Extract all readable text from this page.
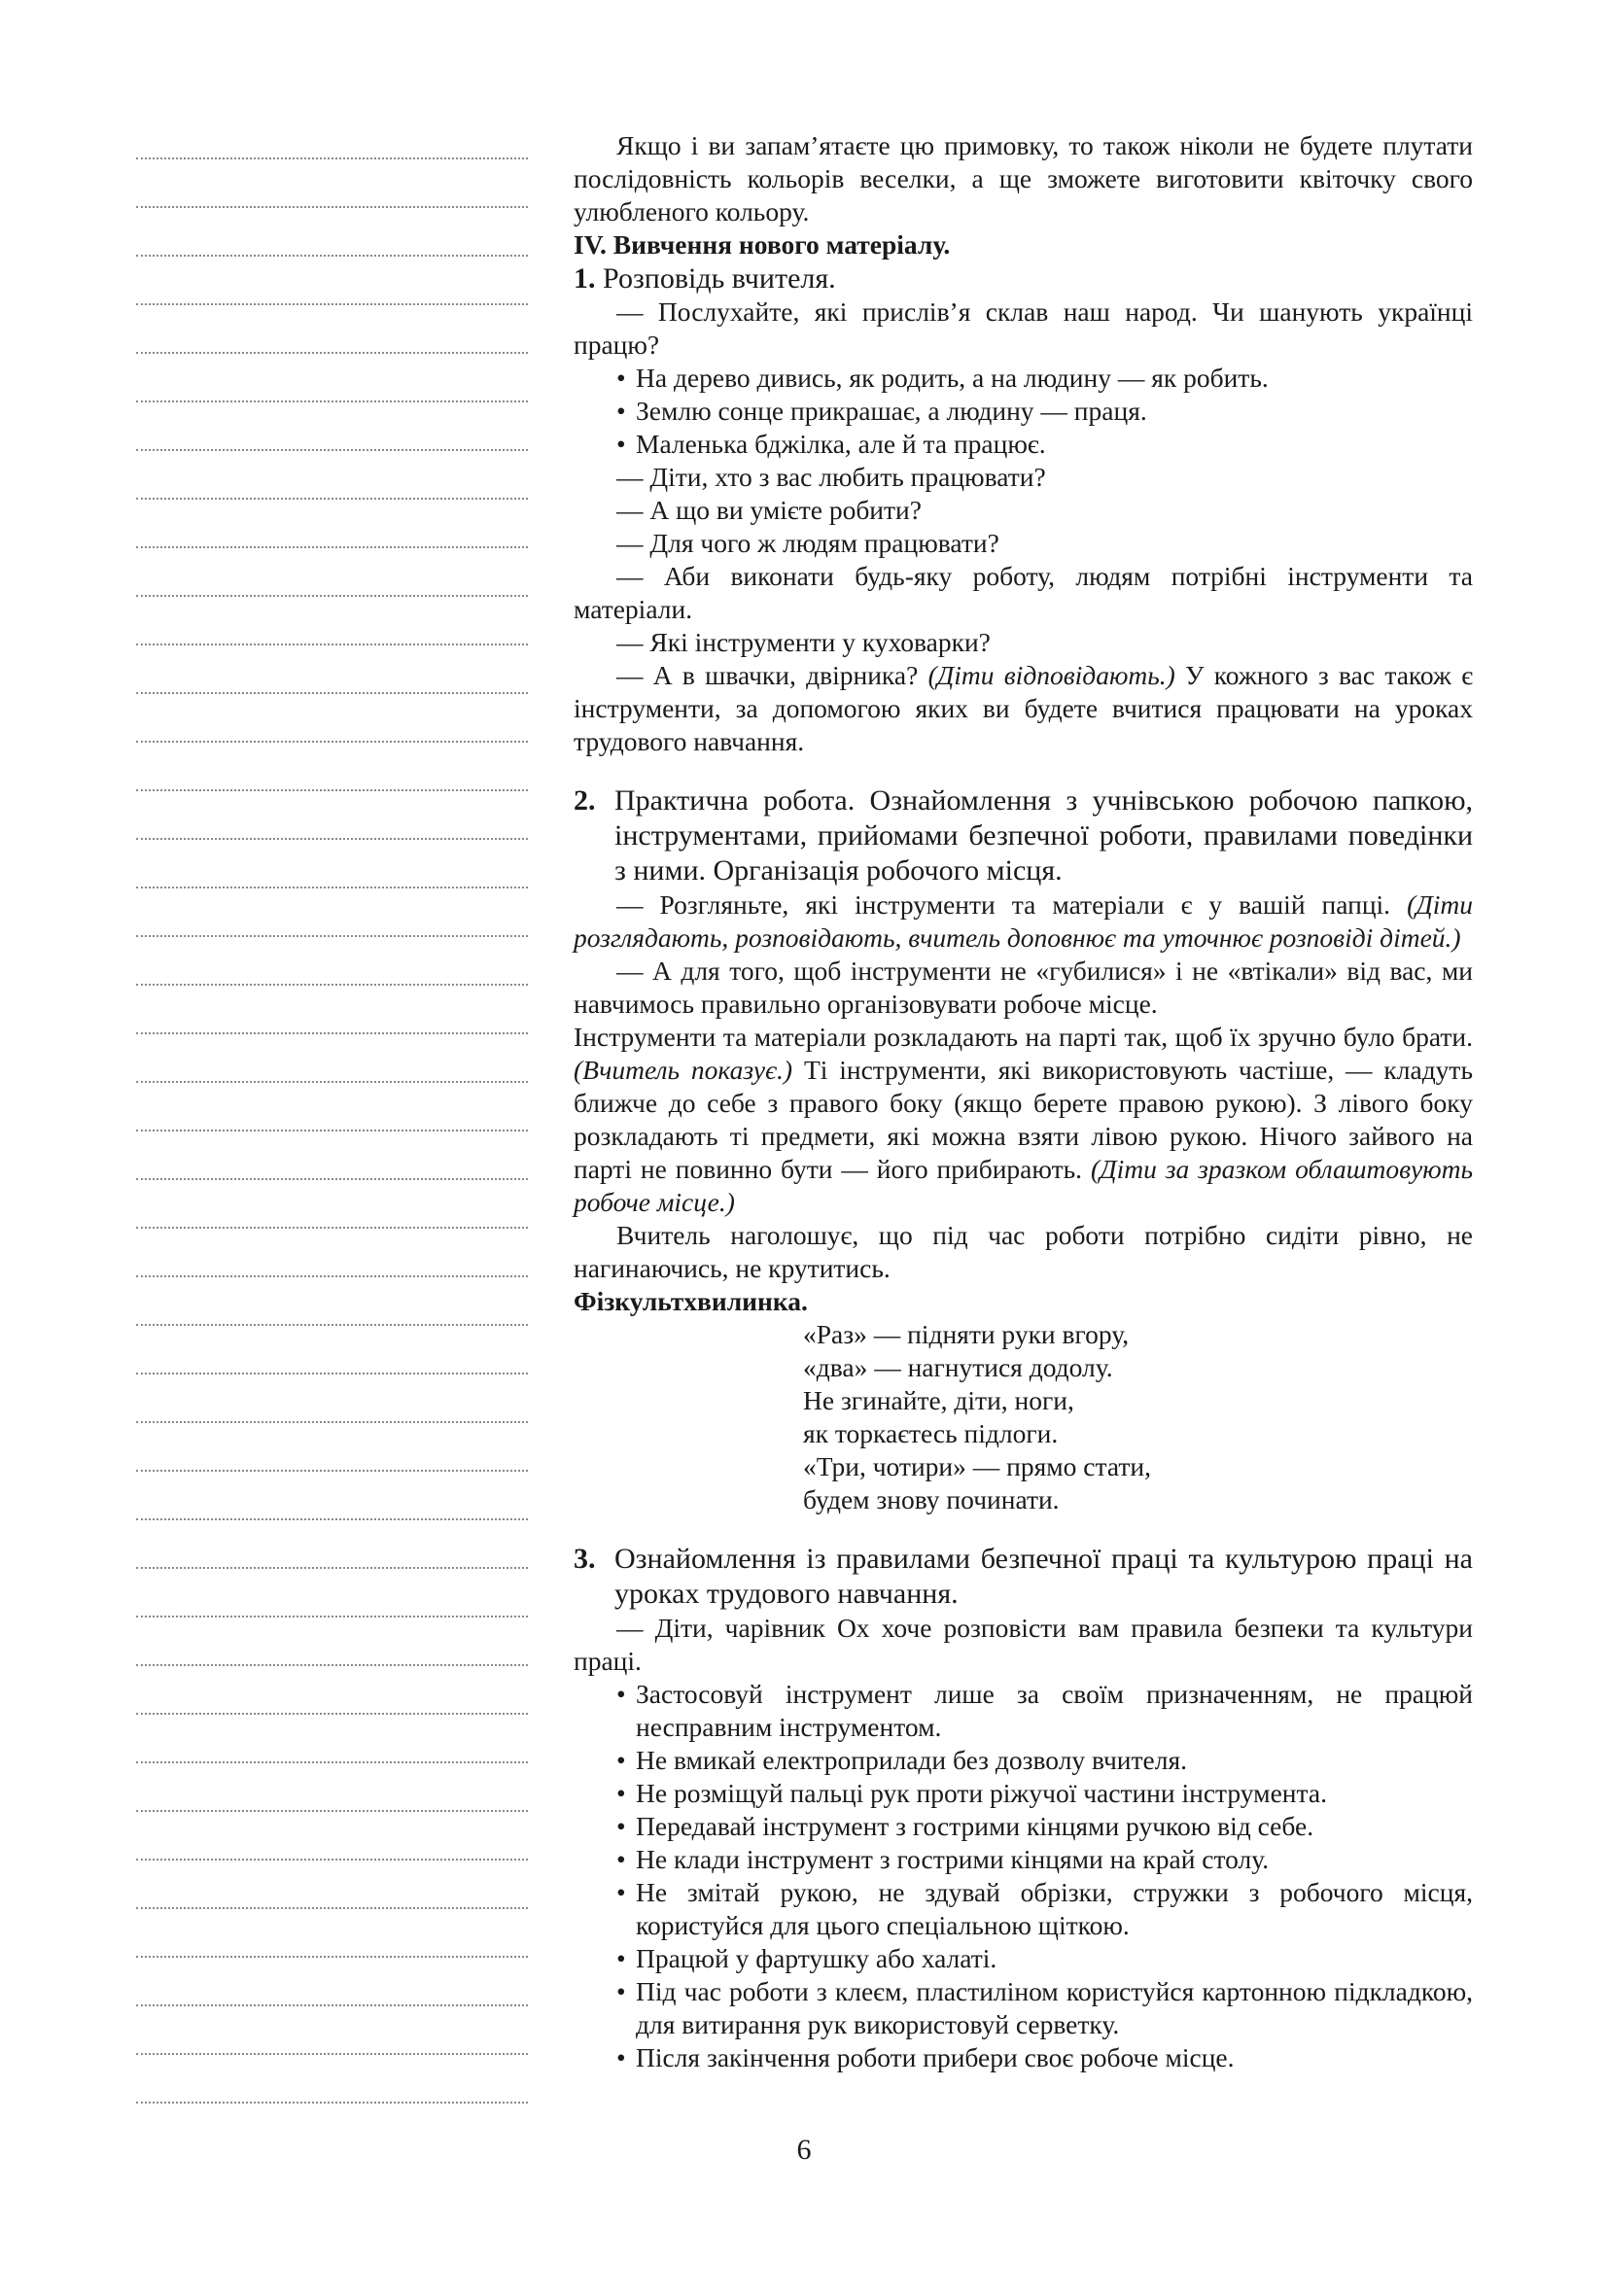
Якщо і ви запам’ятаєте цю примовку, то також ніколи не будете плутати послідовність кольорів веселки, а ще зможете виготовити квіточку свого улюбленого кольору.

IV. Вивчення нового матеріалу.

1. Розповідь вчителя.

— Послухайте, які прислів’я склав наш народ. Чи шанують українці працю?

• На дерево дивись, як родить, а на людину — як робить.
• Землю сонце прикрашає, а людину — праця.
• Маленька бджілка, але й та працює.

— Діти, хто з вас любить працювати?

— А що ви умієте робити?

— Для чого ж людям працювати?

— Аби виконати будь-яку роботу, людям потрібні інструменти та матеріали.

— Які інструменти у куховарки?

— А в швачки, двірника? (Діти відповідають.) У кожного з вас також є інструменти, за допомогою яких ви будете вчитися працювати на уроках трудового навчання.

2. Практична робота. Ознайомлення з учнівською робочою папкою, інструментами, прийомами безпечної роботи, правилами поведінки з ними. Організація робочого місця.

— Розгляньте, які інструменти та матеріали є у вашій папці. (Діти розглядають, розповідають, вчитель доповнює та уточнює розповіді дітей.)

— А для того, щоб інструменти не «губилися» і не «втікали» від вас, ми навчимось правильно організовувати робоче місце.

Інструменти та матеріали розкладають на парті так, щоб їх зручно було брати. (Вчитель показує.) Ті інструменти, які використовують частіше, — кладуть ближче до себе з правого боку (якщо берете правою рукою). З лівого боку розкладають ті предмети, які можна взяти лівою рукою. Нічого зайвого на парті не повинно бути — його прибирають. (Діти за зразком облаштовують робоче місце.)

Вчитель наголошує, що під час роботи потрібно сидіти рівно, не нагинаючись, не крутитись.

Фізкультхвилинка.

«Раз» — підняти руки вгору,
«два» — нагнутися додолу.
Не згинайте, діти, ноги,
як торкаєтесь підлоги.
«Три, чотири» — прямо стати,
будем знову починати.
3. Ознайомлення із правилами безпечної праці та культурою праці на уроках трудового навчання.

— Діти, чарівник Ох хоче розповісти вам правила безпеки та культури праці.

• Застосовуй інструмент лише за своїм призначенням, не працюй несправним інструментом.
• Не вмикай електроприлади без дозволу вчителя.
• Не розміщуй пальці рук проти ріжучої частини інструмента.
• Передавай інструмент з гострими кінцями ручкою від себе.
• Не клади інструмент з гострими кінцями на край столу.
• Не змітай рукою, не здувай обрізки, стружки з робочого місця, користуйся для цього спеціальною щіткою.
• Працюй у фартушку або халаті.
• Під час роботи з клеєм, пластиліном користуйся картонною підкладкою, для витирання рук використовуй серветку.
• Після закінчення роботи прибери своє робоче місце.
6
